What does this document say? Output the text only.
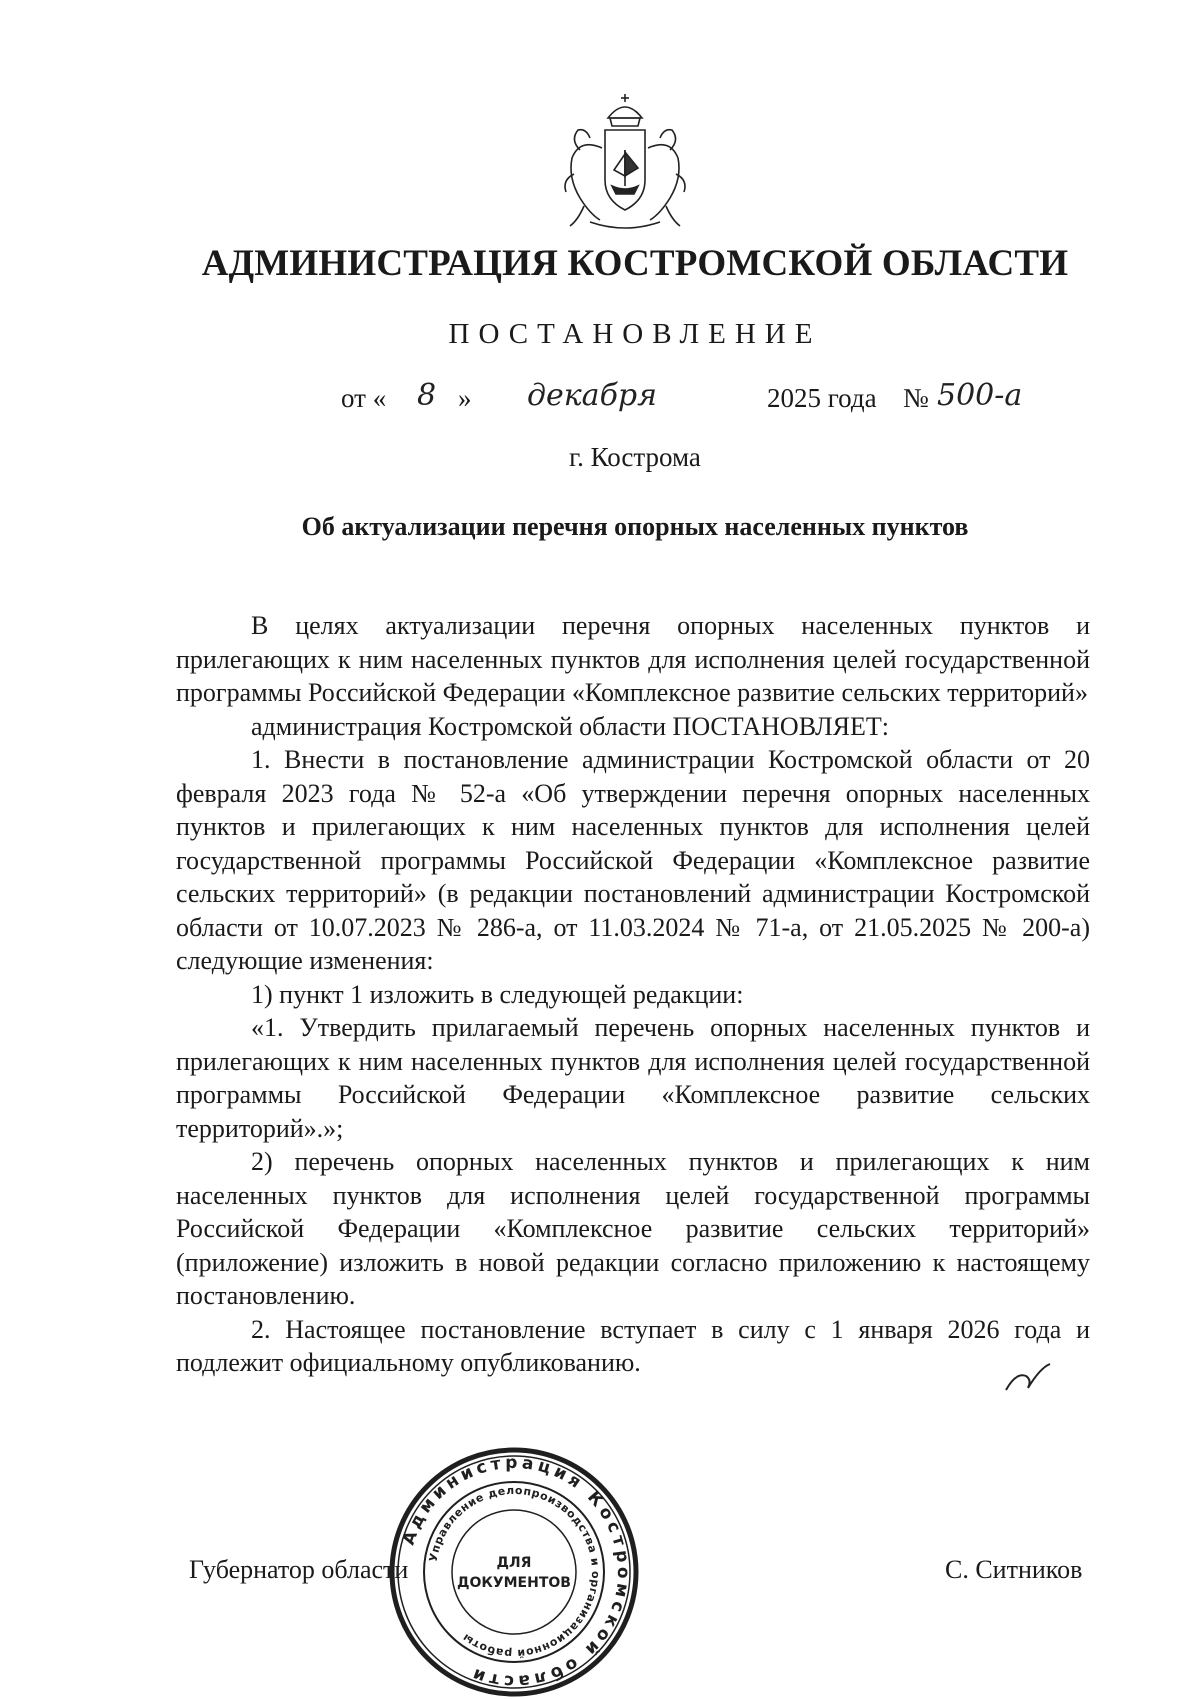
АДМИНИСТРАЦИЯ КОСТРОМСКОЙ ОБЛАСТИ
ПОСТАНОВЛЕНИЕ
от « 8 » декабря	2025 года № 500-а
г. Кострома
Об актуализации перечня опорных населенных пунктов

В целях актуализации перечня опорных населенных пунктов и прилегающих к ним населенных пунктов для исполнения целей государственной программы Российской Федерации «Комплексное развитие сельских территорий»

администрация Костромской области ПОСТАНОВЛЯЕТ:

1. Внести в постановление администрации Костромской области от 20 февраля 2023 года № 52-а «Об утверждении перечня опорных населенных пунктов и прилегающих к ним населенных пунктов для исполнения целей государственной программы Российской Федерации «Комплексное развитие сельских территорий» (в редакции постановлений администрации Костромской области от 10.07.2023 № 286-а, от 11.03.2024 № 71-а, от 21.05.2025 № 200-а) следующие изменения:

1) пункт 1 изложить в следующей редакции:

«1. Утвердить прилагаемый перечень опорных населенных пунктов и прилегающих к ним населенных пунктов для исполнения целей государственной программы Российской Федерации «Комплексное развитие сельских территорий».»;

2) перечень опорных населенных пунктов и прилегающих к ним населенных пунктов для исполнения целей государственной программы Российской Федерации «Комплексное развитие сельских территорий» (приложение) изложить в новой редакции согласно приложению к настоящему постановлению.

2. Настоящее постановление вступает в силу с 1 января 2026 года и подлежит официальному опубликованию.

Губернатор области	С. Ситников
Администрация Костромской области
Управление делопроизводства и организационной работы
ДЛЯ
ДОКУМЕНТОВ
